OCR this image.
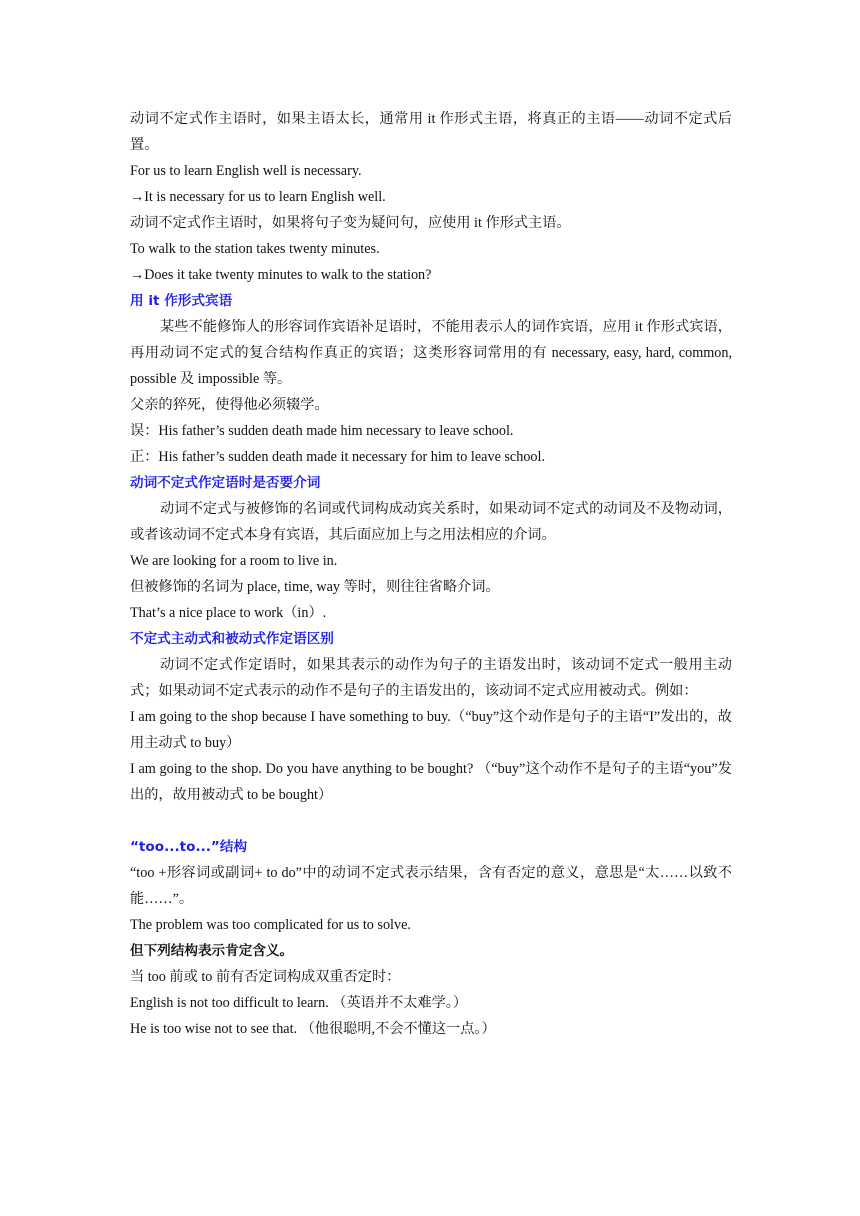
动词不定式作主语时，如果主语太长，通常用 it 作形式主语，将真正的主语——动词不定式后置。

For us to learn English well is necessary.

→It is necessary for us to learn English well.

动词不定式作主语时，如果将句子变为疑问句，应使用 it 作形式主语。

To walk to the station takes twenty minutes.

→Does it take twenty minutes to walk to the station?

用 it 作形式宾语

某些不能修饰人的形容词作宾语补足语时，不能用表示人的词作宾语，应用 it 作形式宾语，再用动词不定式的复合结构作真正的宾语；这类形容词常用的有 necessary, easy, hard, common, possible 及 impossible 等。

父亲的猝死，使得他必须辍学。

误：His father’s sudden death made him necessary to leave school.

正：His father’s sudden death made it necessary for him to leave school.

动词不定式作定语时是否要介词

动词不定式与被修饰的名词或代词构成动宾关系时，如果动词不定式的动词及不及物动词，或者该动词不定式本身有宾语，其后面应加上与之用法相应的介词。

We are looking for a room to live in.

但被修饰的名词为 place, time, way 等时，则往往省略介词。

That’s a nice place to work（in）.

不定式主动式和被动式作定语区别

动词不定式作定语时，如果其表示的动作为句子的主语发出时，该动词不定式一般用主动式；如果动词不定式表示的动作不是句子的主语发出的，该动词不定式应用被动式。例如：

I am going to the shop because I have something to buy.（“buy”这个动作是句子的主语“I”发出的，故用主动式 to buy）

I am going to the shop. Do you have anything to be bought? （“buy”这个动作不是句子的主语“you”发出的，故用被动式 to be bought）

“too...to...”结构

“too +形容词或副词+ to do”中的动词不定式表示结果，含有否定的意义，意思是“太……以致不能……”。

The problem was too complicated for us to solve.

但下列结构表示肯定含义。

当 too 前或 to 前有否定词构成双重否定时：

English is not too difficult to learn. （英语并不太难学。）

He is too wise not to see that. （他很聪明,不会不懂这一点。）
